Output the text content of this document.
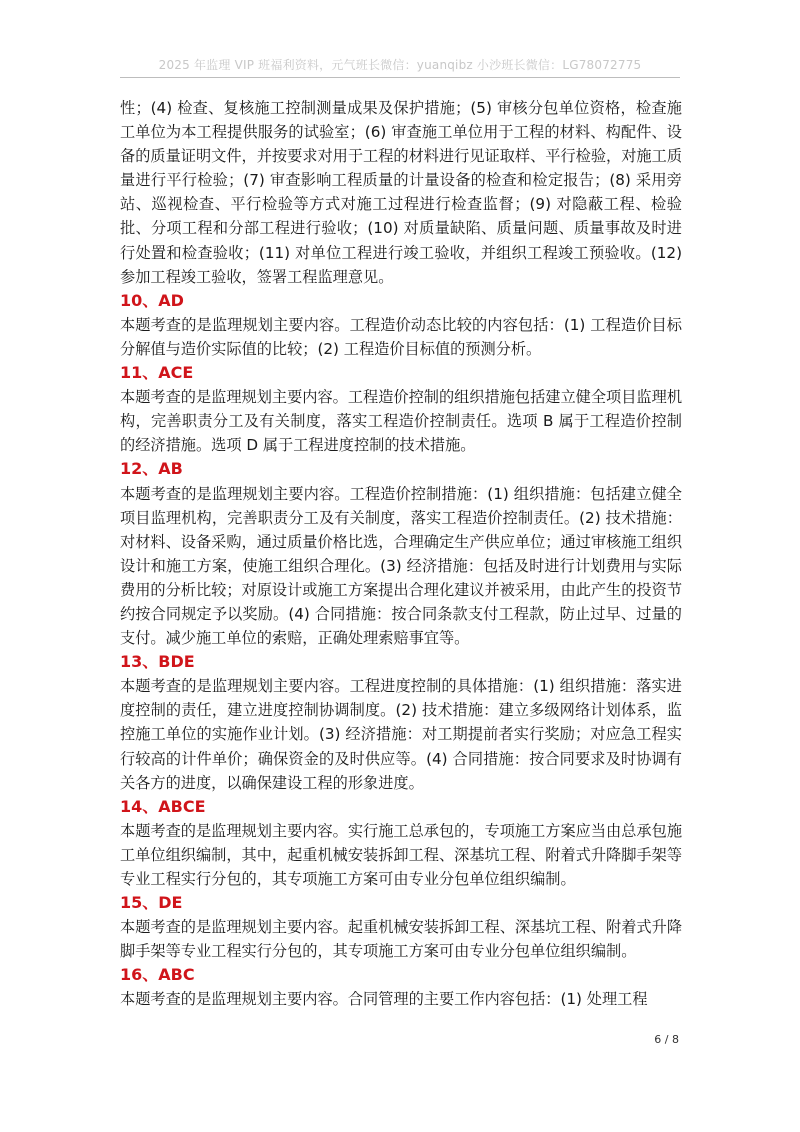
2025 年监理 VIP 班福利资料，元气班长微信：yuanqibz 小沙班长微信：LG78072775

性；(4) 检查、复核施工控制测量成果及保护措施；(5) 审核分包单位资格，检查施工单位为本工程提供服务的试验室；(6) 审查施工单位用于工程的材料、构配件、设备的质量证明文件，并按要求对用于工程的材料进行见证取样、平行检验，对施工质量进行平行检验；(7) 审查影响工程质量的计量设备的检查和检定报告；(8) 采用旁站、巡视检查、平行检验等方式对施工过程进行检查监督；(9) 对隐蔽工程、检验批、分项工程和分部工程进行验收；(10) 对质量缺陷、质量问题、质量事故及时进行处置和检查验收；(11) 对单位工程进行竣工验收，并组织工程竣工预验收。(12) 参加工程竣工验收，签署工程监理意见。

10、AD

本题考查的是监理规划主要内容。工程造价动态比较的内容包括：(1) 工程造价目标分解值与造价实际值的比较；(2) 工程造价目标值的预测分析。

11、ACE

本题考查的是监理规划主要内容。工程造价控制的组织措施包括建立健全项目监理机构，完善职责分工及有关制度，落实工程造价控制责任。选项 B 属于工程造价控制的经济措施。选项 D 属于工程进度控制的技术措施。

12、AB

本题考查的是监理规划主要内容。工程造价控制措施：(1) 组织措施：包括建立健全项目监理机构，完善职责分工及有关制度，落实工程造价控制责任。(2) 技术措施：对材料、设备采购，通过质量价格比选，合理确定生产供应单位；通过审核施工组织设计和施工方案，使施工组织合理化。(3) 经济措施：包括及时进行计划费用与实际费用的分析比较；对原设计或施工方案提出合理化建议并被采用，由此产生的投资节约按合同规定予以奖励。(4) 合同措施：按合同条款支付工程款，防止过早、过量的支付。减少施工单位的索赔，正确处理索赔事宜等。

13、BDE

本题考查的是监理规划主要内容。工程进度控制的具体措施：(1) 组织措施：落实进度控制的责任，建立进度控制协调制度。(2) 技术措施：建立多级网络计划体系，监控施工单位的实施作业计划。(3) 经济措施：对工期提前者实行奖励；对应急工程实行较高的计件单价；确保资金的及时供应等。(4) 合同措施：按合同要求及时协调有关各方的进度，以确保建设工程的形象进度。

14、ABCE

本题考查的是监理规划主要内容。实行施工总承包的，专项施工方案应当由总承包施工单位组织编制，其中，起重机械安装拆卸工程、深基坑工程、附着式升降脚手架等专业工程实行分包的，其专项施工方案可由专业分包单位组织编制。

15、DE

本题考查的是监理规划主要内容。起重机械安装拆卸工程、深基坑工程、附着式升降脚手架等专业工程实行分包的，其专项施工方案可由专业分包单位组织编制。

16、ABC

本题考查的是监理规划主要内容。合同管理的主要工作内容包括：(1) 处理工程

6 / 8
